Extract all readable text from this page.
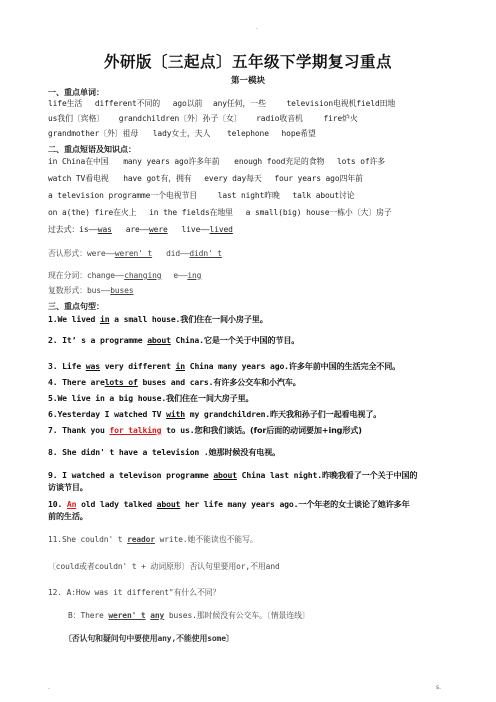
.
外研版〔三起点〕五年级下学期复习重点
第一模块
一、重点单词：
life生活 different不同的 ago以前 any任何，一些	television电视机field田地
us我们〔宾格〕 grandchildren〔外〕孙子〔女〕 radio收音机	fire炉火
grandmother〔外〕祖母 lady女士，夫人 telephone hope希望
二、重点短语及知识点：
in China在中国 many years ago许多年前 enough food充足的食物 lots of许多
watch TV看电视 have got有，拥有 every day每天 four years ago四年前
a television programme一个电视节目	last night昨晚 talk about讨论
on a(the) fire在火上 in the fields在地里 a small(big) house一栋小〔大〕房子
过去式：is——was are——were live——lived
否认形式：were——weren' t did——didn' t
现在分词：change——changing e——ing
复数形式：bus——buses
三、重点句型：
1.We lived in a small house.我们住在一间小房子里。
2. It’ s a programme about China.它是一个关于中国的节目。
3. Life was very different in China many years ago.许多年前中国的生活完全不同。
4. There arelots of buses and cars.有许多公交车和小汽车。
5.We live in a big house.我们住在一间大房子里。
6.Yesterday I watched TV with my grandchildren.昨天我和孙子们一起看电视了。
7. Thank you for talking to us.您和我们谈话。(for后面的动词要加+ing形式)
8. She didn' t have a television .她那时候没有电视。
9. I watched a televison programme about China last night.昨晚我看了一个关于中国的
访谈节目。
10. An old lady talked about her life many years ago.一个年老的女士谈论了她许多年
前的生活。
11.She couldn' t reador write.她不能读也不能写。
〔could或者couldn' t + 动词原形〕否认句里要用or,不用and
12. A:How was it different"有什么不同？
B：There weren' t any buses.那时候没有公交车。〔情景连线〕
〔否认句和疑问句中要使用any,不能使用some〕
.	s.
